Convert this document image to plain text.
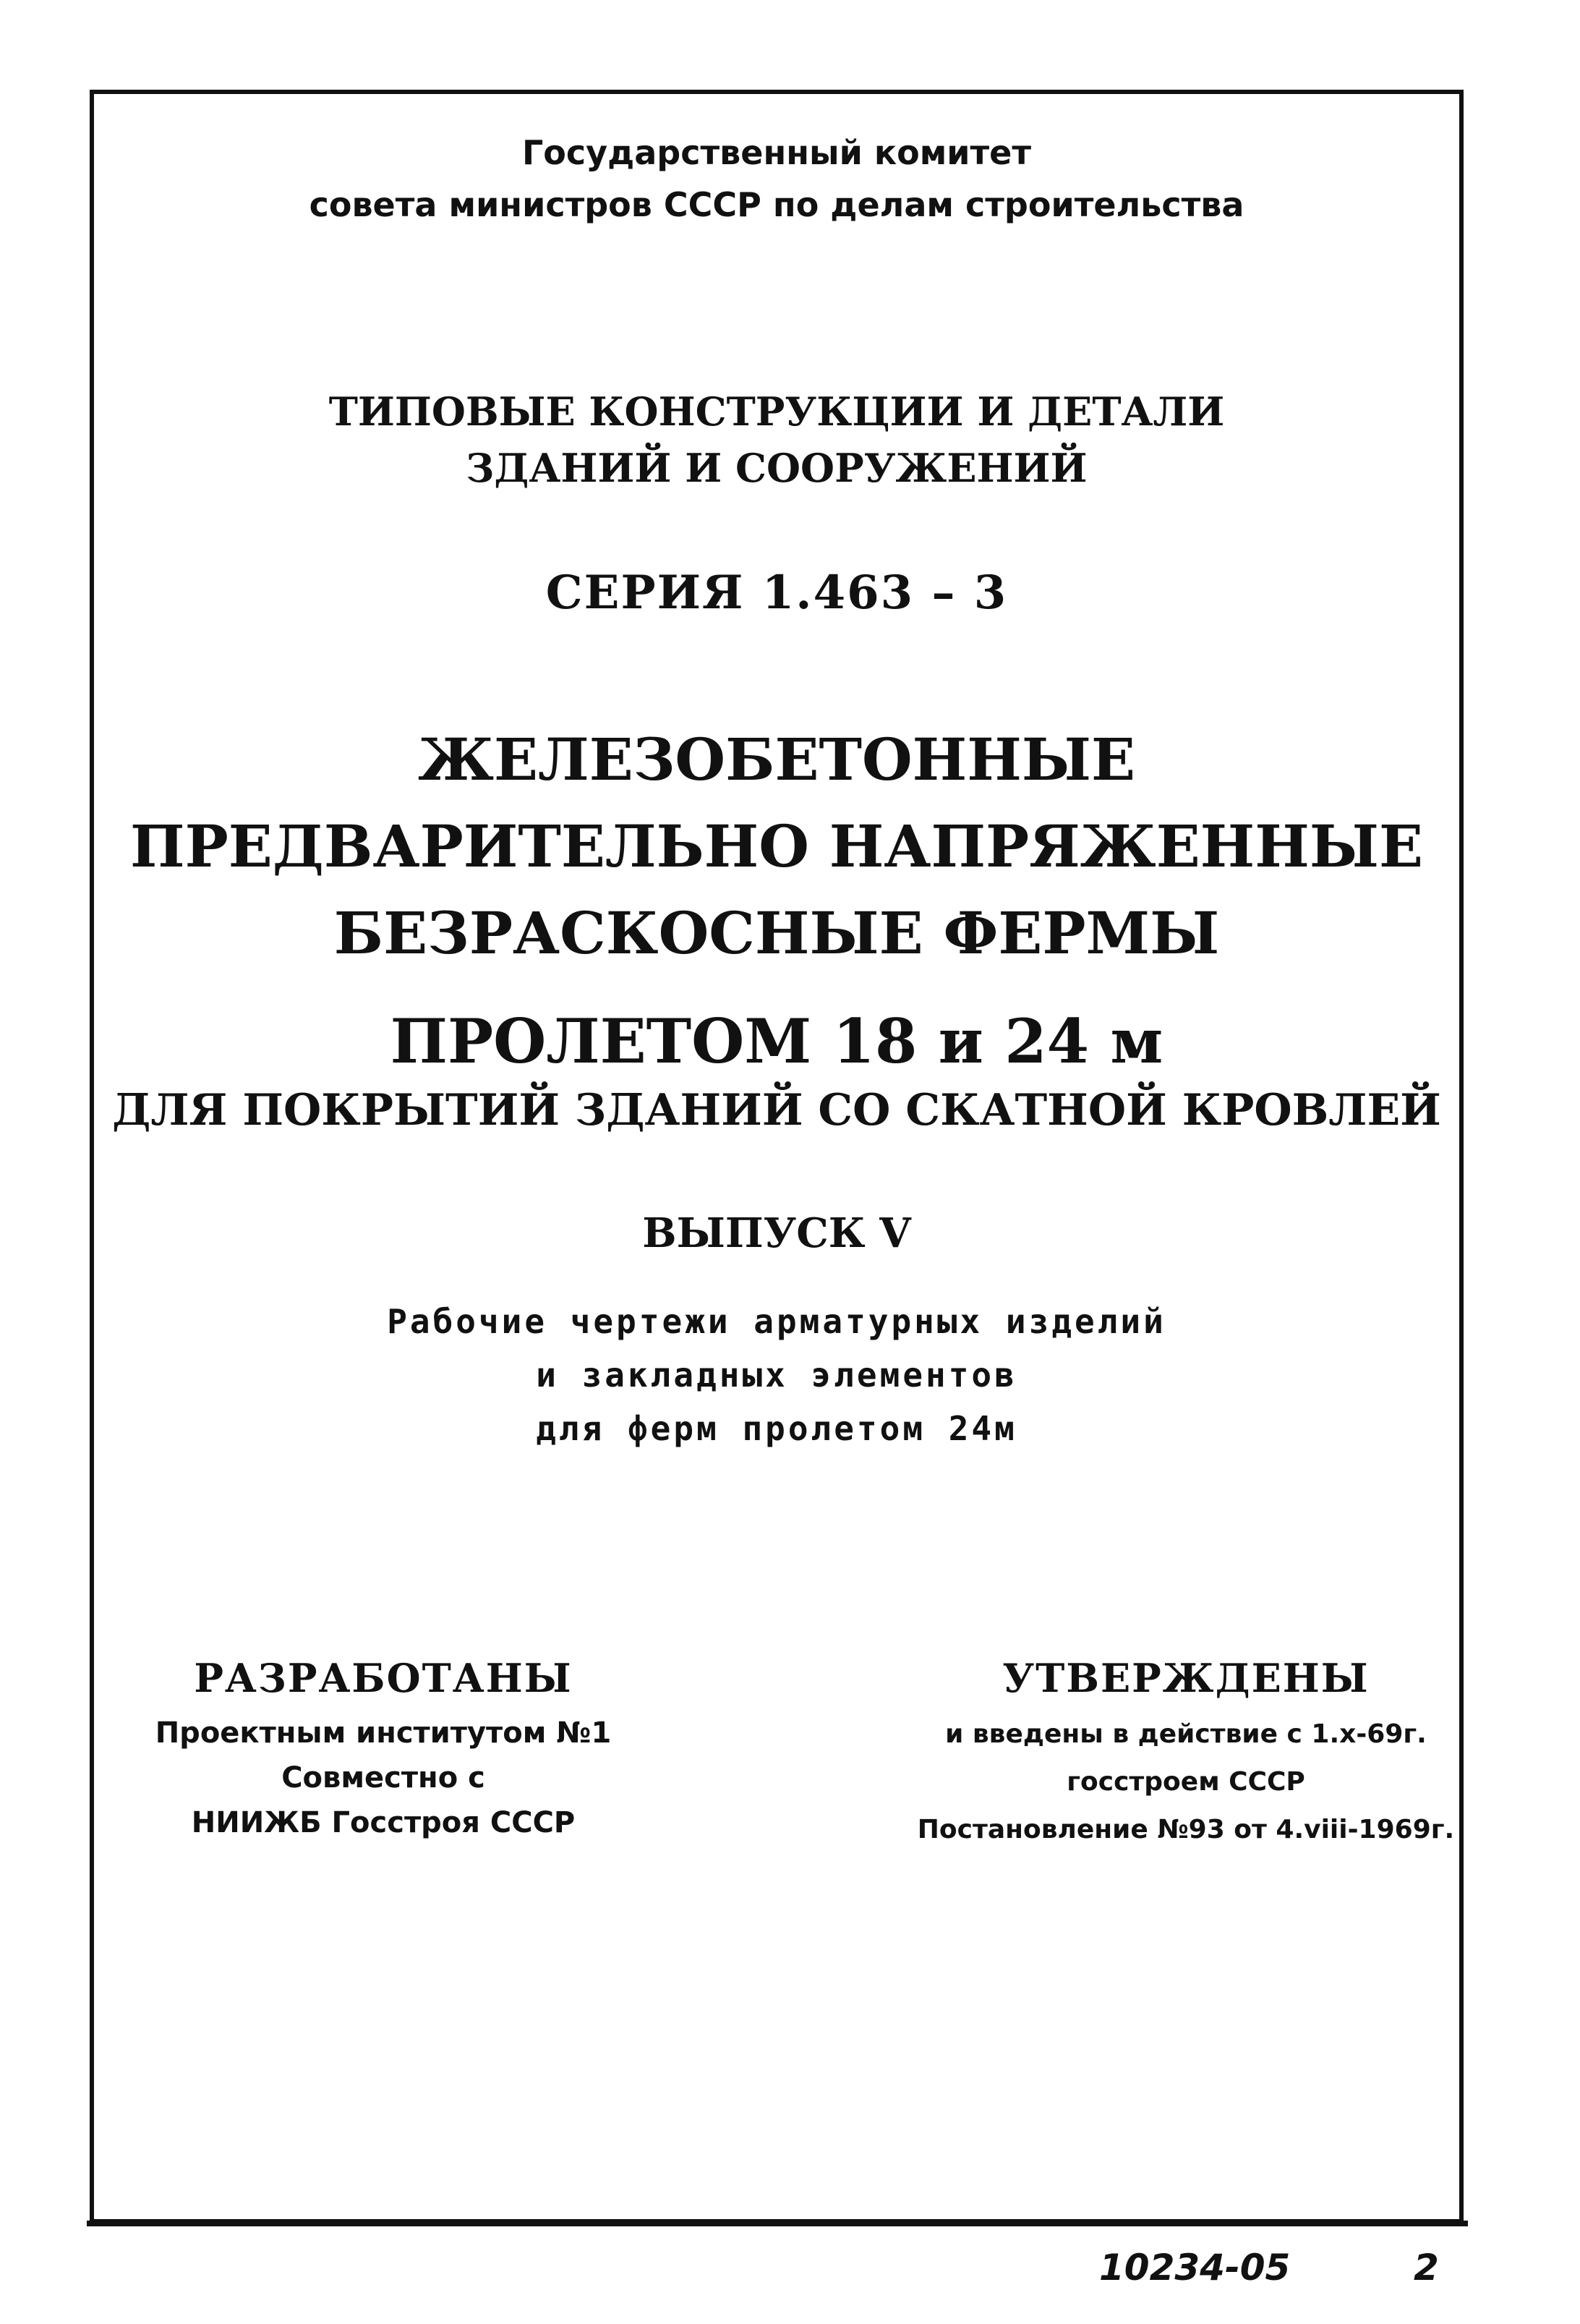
Государственный комитет
совета министров СССР по делам строительства
ТИПОВЫЕ КОНСТРУКЦИИ И ДЕТАЛИ
ЗДАНИЙ И СООРУЖЕНИЙ
СЕРИЯ 1.463 – 3
ЖЕЛЕЗОБЕТОННЫЕ
ПРЕДВАРИТЕЛЬНО НАПРЯЖЕННЫЕ
БЕЗРАСКОСНЫЕ ФЕРМЫ
ПРОЛЕТОМ 18 и 24 м
ДЛЯ ПОКРЫТИЙ ЗДАНИЙ СО СКАТНОЙ КРОВЛЕЙ
ВЫПУСК V
Рабочие чертежи арматурных изделий
и закладных элементов
для ферм пролетом 24м
РАЗРАБОТАНЫ
Проектным институтом №1
Совместно с
НИИЖБ Госстроя СССР
УТВЕРЖДЕНЫ
и введены в действие с 1.x-69г.
госстроем СССР
Постановление №93 от 4.viii-1969г.
10234-05	2
